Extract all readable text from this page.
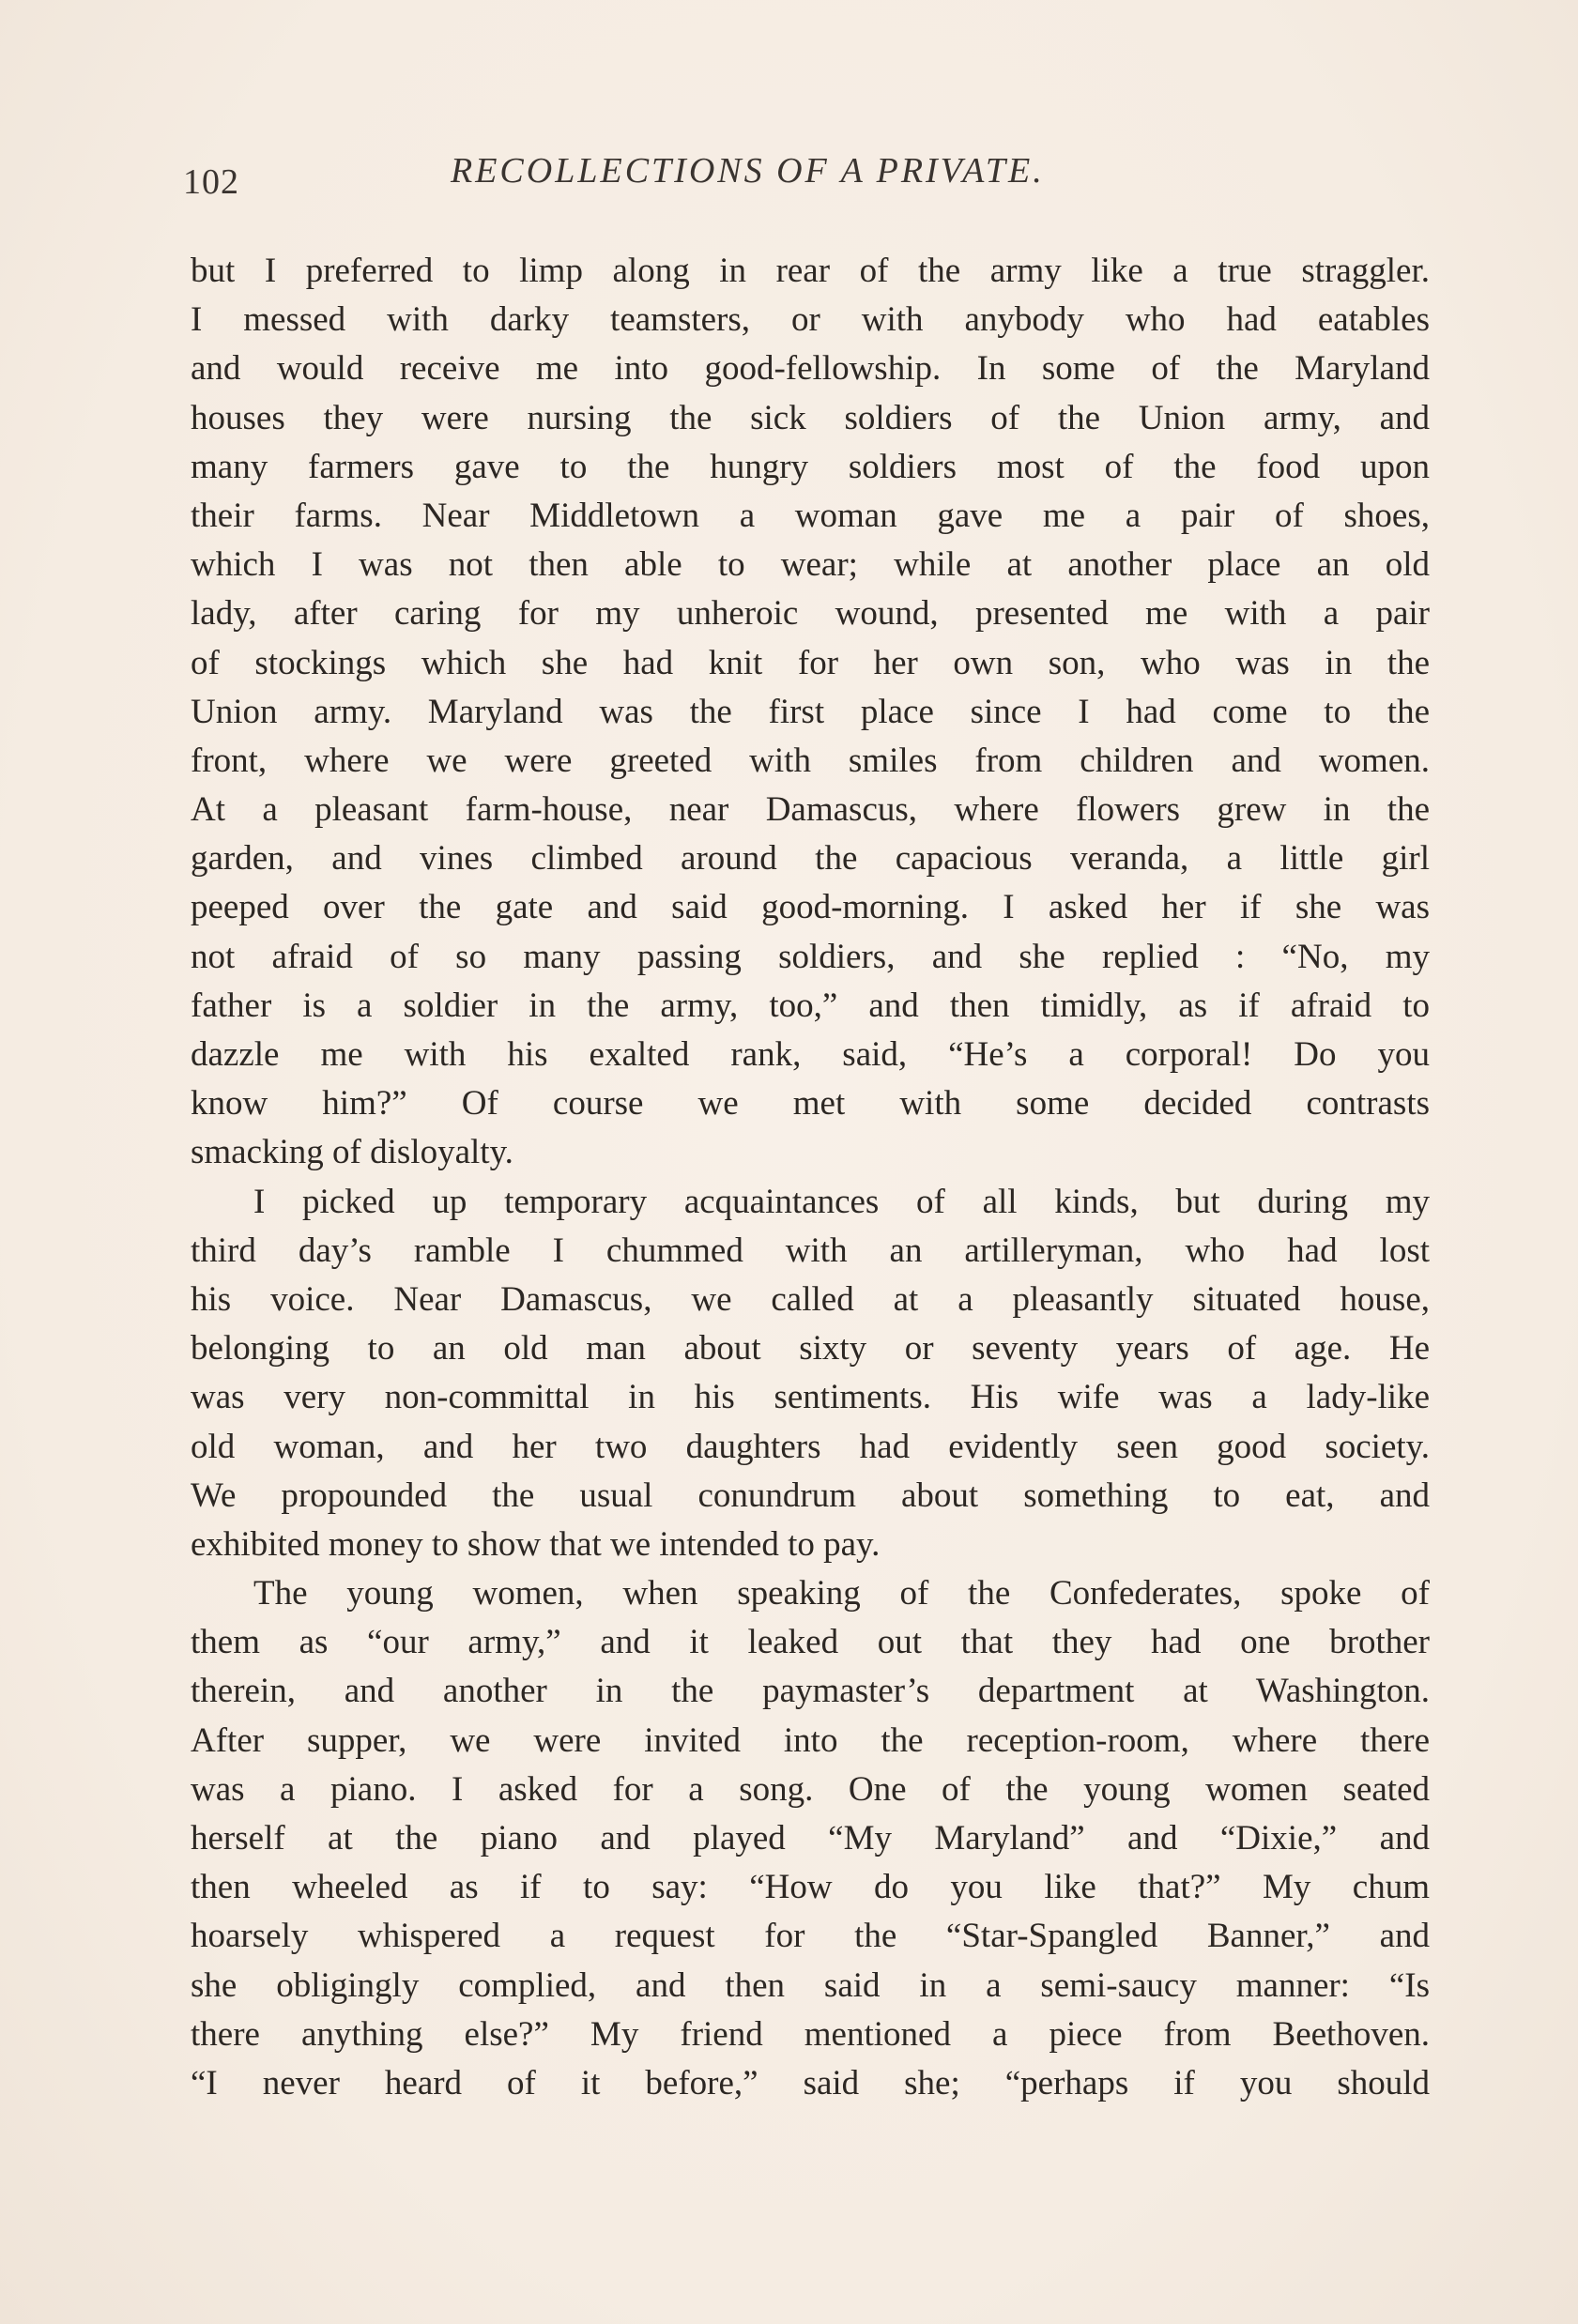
102	RECOLLECTIONS OF A PRIVATE.
but I preferred to limp along in rear of the army like a true straggler.
I messed with darky teamsters, or with anybody who had eatables
and would receive me into good-fellowship. In some of the Maryland
houses they were nursing the sick soldiers of the Union army, and
many farmers gave to the hungry soldiers most of the food upon
their farms. Near Middletown a woman gave me a pair of shoes,
which I was not then able to wear; while at another place an old
lady, after caring for my unheroic wound, presented me with a pair
of stockings which she had knit for her own son, who was in the
Union army. Maryland was the first place since I had come to the
front, where we were greeted with smiles from children and women.
At a pleasant farm-house, near Damascus, where flowers grew in the
garden, and vines climbed around the capacious veranda, a little girl
peeped over the gate and said good-morning. I asked her if she was
not afraid of so many passing soldiers, and she replied : “No, my
father is a soldier in the army, too,” and then timidly, as if afraid to
dazzle me with his exalted rank, said, “He’s a corporal! Do you
know him?” Of course we met with some decided contrasts
smacking of disloyalty.
I picked up temporary acquaintances of all kinds, but during my
third day’s ramble I chummed with an artilleryman, who had lost
his voice. Near Damascus, we called at a pleasantly situated house,
belonging to an old man about sixty or seventy years of age. He
was very non-committal in his sentiments. His wife was a lady-like
old woman, and her two daughters had evidently seen good society.
We propounded the usual conundrum about something to eat, and
exhibited money to show that we intended to pay.
The young women, when speaking of the Confederates, spoke of
them as “our army,” and it leaked out that they had one brother
therein, and another in the paymaster’s department at Washington.
After supper, we were invited into the reception-room, where there
was a piano. I asked for a song. One of the young women seated
herself at the piano and played “My Maryland” and “Dixie,” and
then wheeled as if to say: “How do you like that?” My chum
hoarsely whispered a request for the “Star-Spangled Banner,” and
she obligingly complied, and then said in a semi-saucy manner: “Is
there anything else?” My friend mentioned a piece from Beethoven.
“I never heard of it before,” said she; “perhaps if you should
